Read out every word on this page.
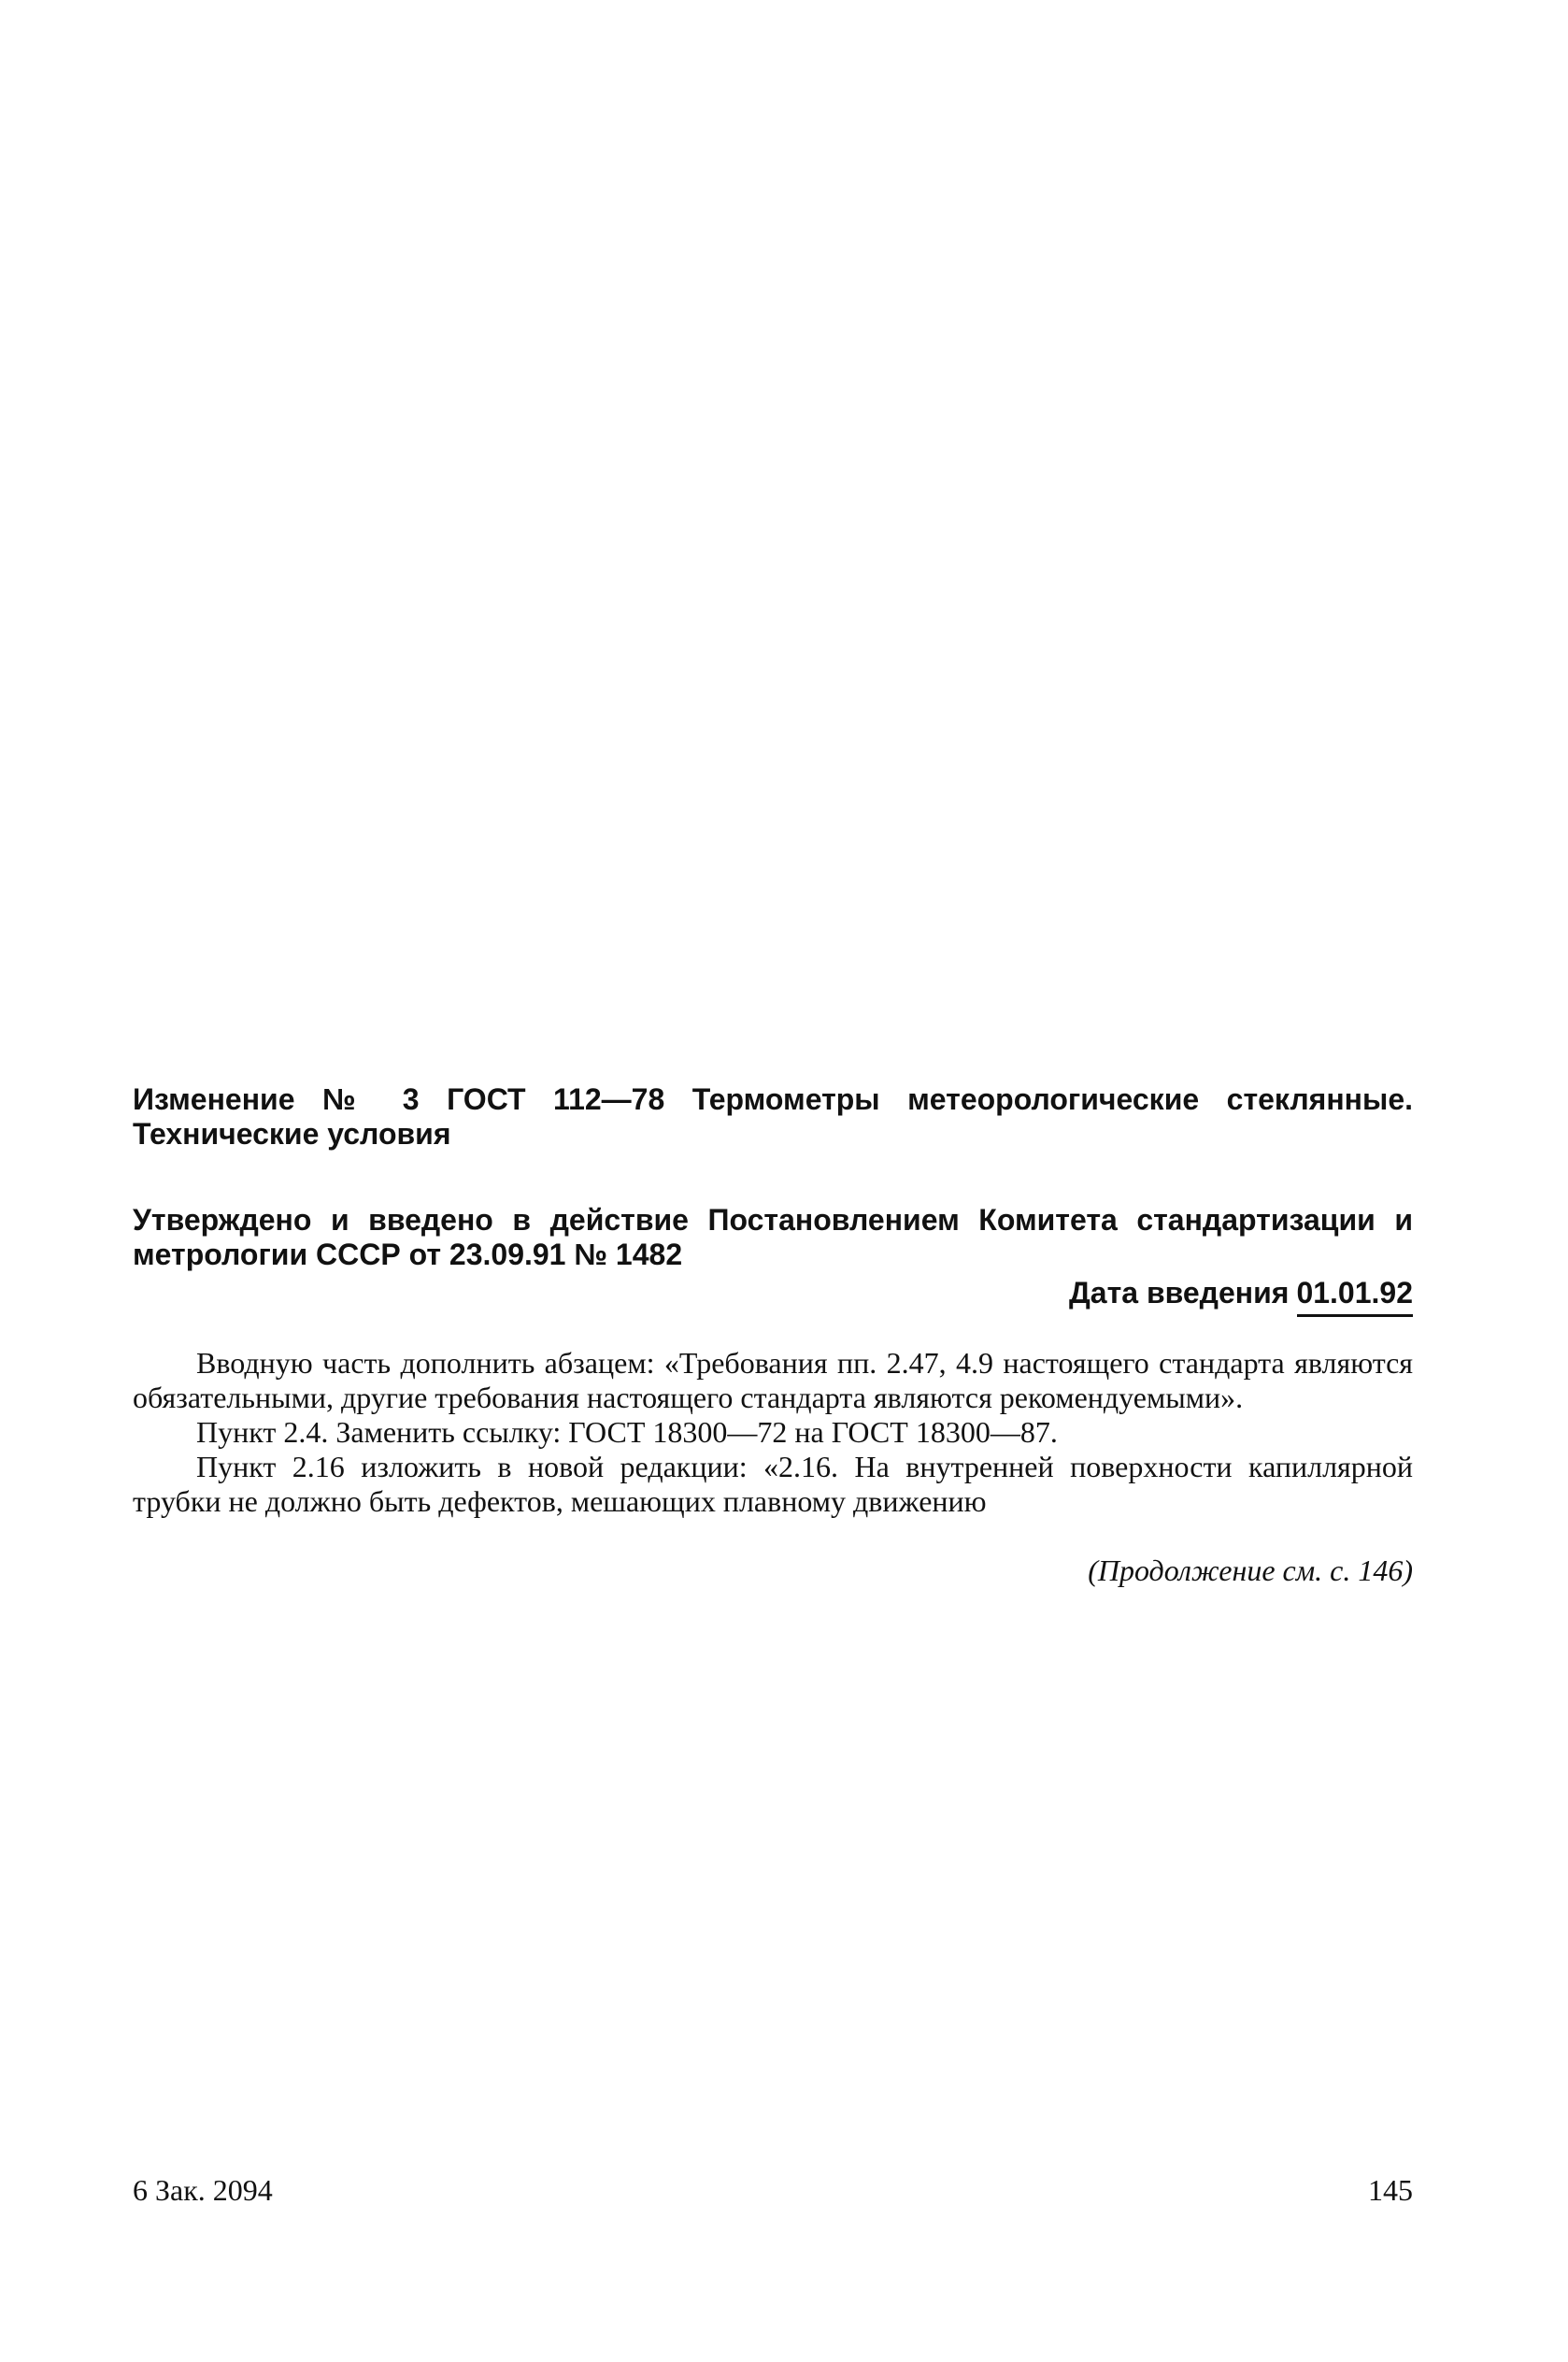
Изменение № 3 ГОСТ 112—78 Термометры метеорологические стеклянные. Технические условия

Утверждено и введено в действие Постановлением Комитета стандартизации и метрологии СССР от 23.09.91 № 1482

Дата введения 01.01.92

Вводную часть дополнить абзацем: «Требования пп. 2.47, 4.9 настоящего стандарта являются обязательными, другие требования настоящего стандарта являются рекомендуемыми».

Пункт 2.4. Заменить ссылку: ГОСТ 18300—72 на ГОСТ 18300—87.

Пункт 2.16 изложить в новой редакции: «2.16. На внутренней поверхности капиллярной трубки не должно быть дефектов, мешающих плавному движению

(Продолжение см. с. 146)
6 Зак. 2094	145
